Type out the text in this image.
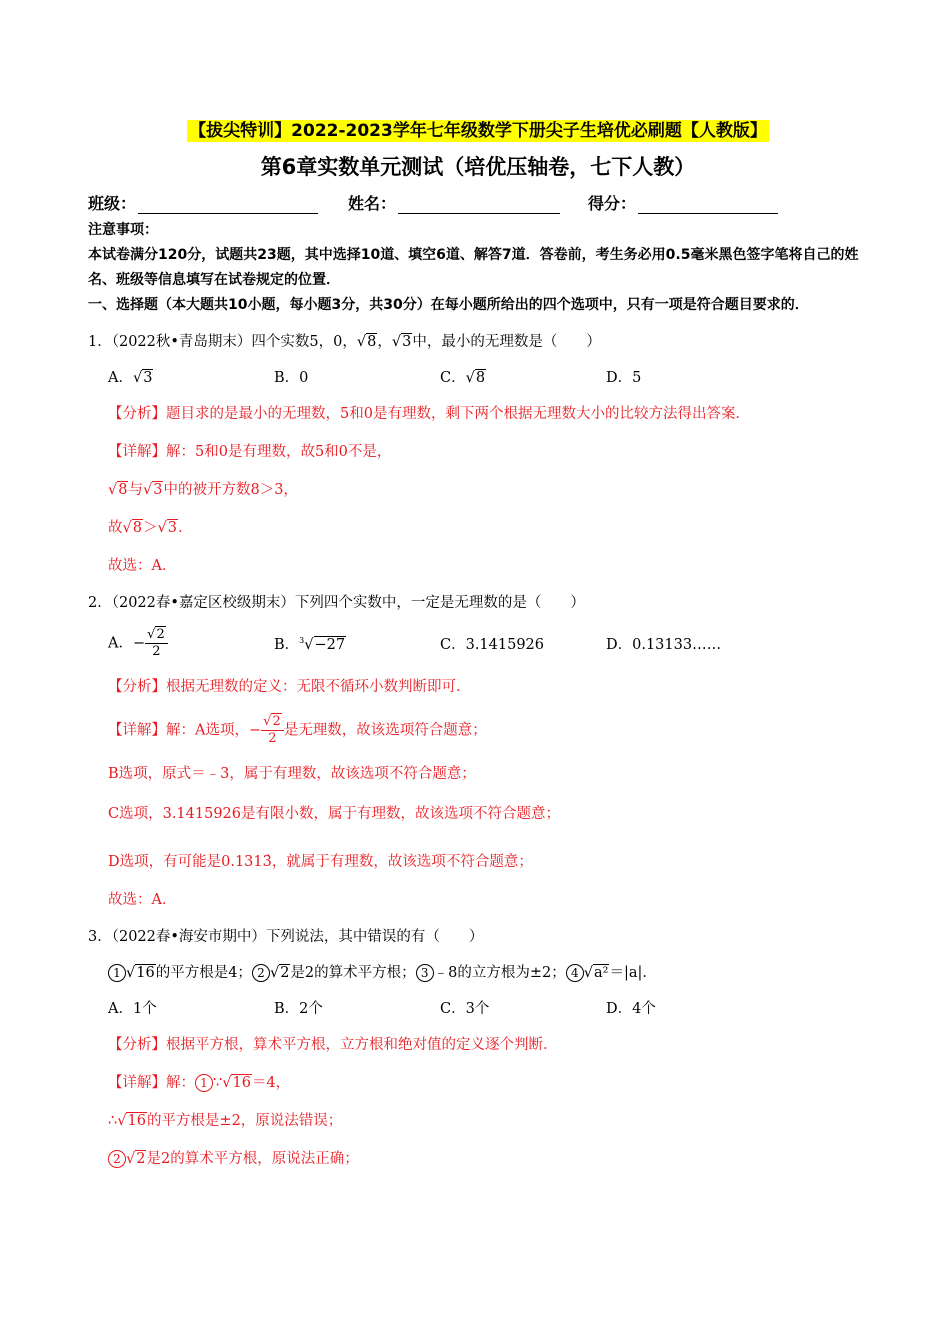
【拔尖特训】2022-2023学年七年级数学下册尖子生培优必刷题【人教版】
第6章实数单元测试（培优压轴卷，七下人教）
班级：	姓名：	得分：
注意事项：
本试卷满分120分，试题共23题，其中选择10道、填空6道、解答7道．答卷前，考生务必用0.5毫米黑色签字笔将自己的姓名、班级等信息填写在试卷规定的位置．
一、选择题（本大题共10小题，每小题3分，共30分）在每小题所给出的四个选项中，只有一项是符合题目要求的．
1．（2022秋•青岛期末）四个实数5，0，√8，√3中，最小的无理数是（　　）
A．√3	B．0	C．√8	D．5
【分析】题目求的是最小的无理数，5和0是有理数，剩下两个根据无理数大小的比较方法得出答案．
【详解】解：5和0是有理数，故5和0不是，
√8与√3中的被开方数8＞3，
故√8＞√3.
故选：A．
2．（2022春•嘉定区校级期末）下列四个实数中，一定是无理数的是（　　）
A．− $\frac{√2}{2}$	B．$^3$√−27	C．3.1415926	D．0.13133……
【分析】根据无理数的定义：无限不循环小数判断即可．
【详解】解：A选项，− $\frac{√2}{2}$ 是无理数，故该选项符合题意；
B选项，原式＝﹣3，属于有理数，故该选项不符合题意；
C选项，3.1415926是有限小数，属于有理数，故该选项不符合题意；
D选项，有可能是0.1313̇，就属于有理数，故该选项不符合题意；
故选：A．
3．（2022春•海安市期中）下列说法，其中错误的有（　　）
1 √16的平方根是4； 2 √2是2的算术平方根； 3 ﹣8的立方根为±2； 4 √a²＝|a|．
A．1个	B．2个	C．3个	D．4个
【分析】根据平方根，算术平方根，立方根和绝对值的定义逐个判断．
【详解】解： 1 ∵√16＝4，
∴√16的平方根是±2，原说法错误；
2 √2是2的算术平方根，原说法正确；
